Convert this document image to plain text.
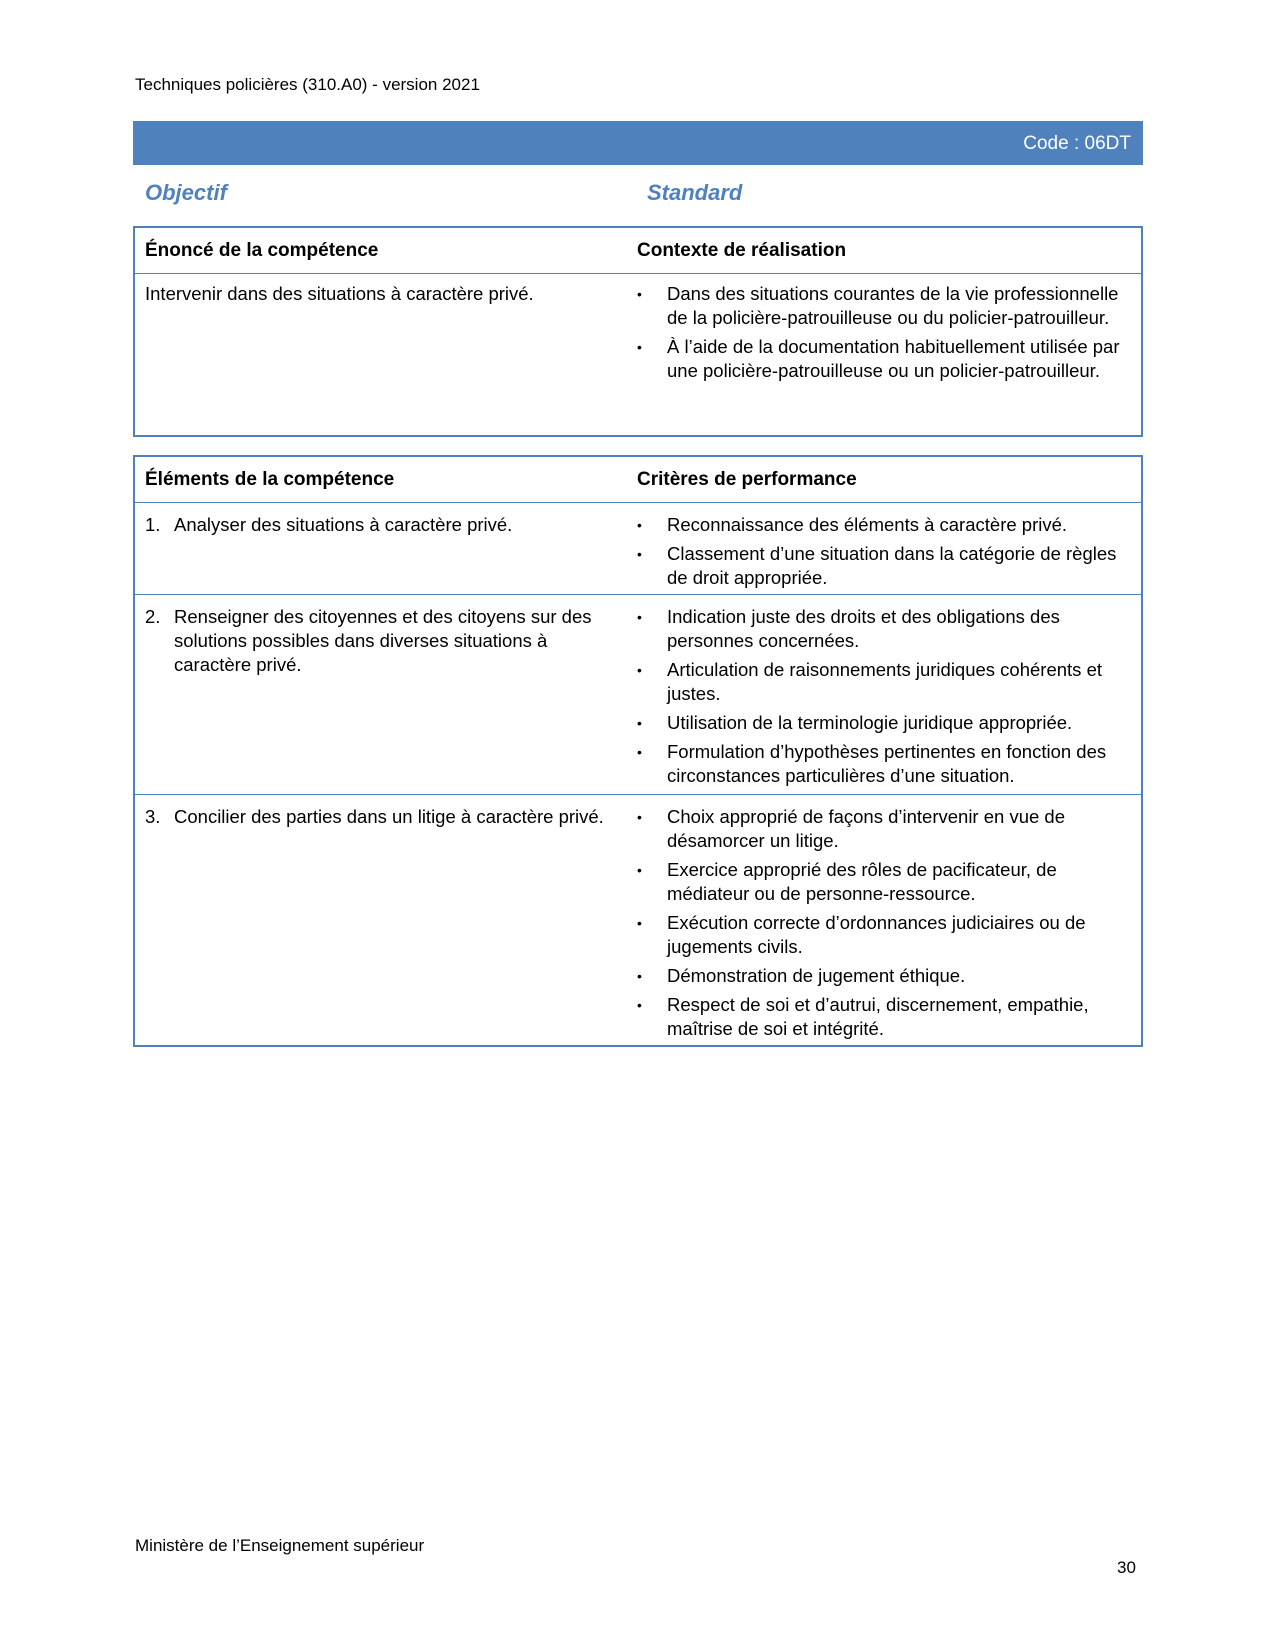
Techniques policières (310.A0) - version 2021
Code : 06DT
Objectif	Standard
Énoncé de la compétence	Contexte de réalisation
Intervenir dans des situations à caractère privé.	•	Dans des situations courantes de la vie professionnelle de la policière-patrouilleuse ou du policier-patrouilleur.
•	À l’aide de la documentation habituellement utilisée par une policière-patrouilleuse ou un policier-patrouilleur.
Éléments de la compétence	Critères de performance
1. Analyser des situations à caractère privé.	•	Reconnaissance des éléments à caractère privé.
•	Classement d’une situation dans la catégorie de règles de droit appropriée.
2. Renseigner des citoyennes et des citoyens sur des solutions possibles dans diverses situations à caractère privé.
•	Indication juste des droits et des obligations des personnes concernées.
•	Articulation de raisonnements juridiques cohérents et justes.
•	Utilisation de la terminologie juridique appropriée.
•	Formulation d’hypothèses pertinentes en fonction des circonstances particulières d’une situation.
3. Concilier des parties dans un litige à caractère privé.	•	Choix approprié de façons d’intervenir en vue de désamorcer un litige.
•	Exercice approprié des rôles de pacificateur, de médiateur ou de personne-ressource.
•	Exécution correcte d’ordonnances judiciaires ou de jugements civils.
•	Démonstration de jugement éthique.
•	Respect de soi et d’autrui, discernement, empathie, maîtrise de soi et intégrité.
Ministère de l’Enseignement supérieur
30
